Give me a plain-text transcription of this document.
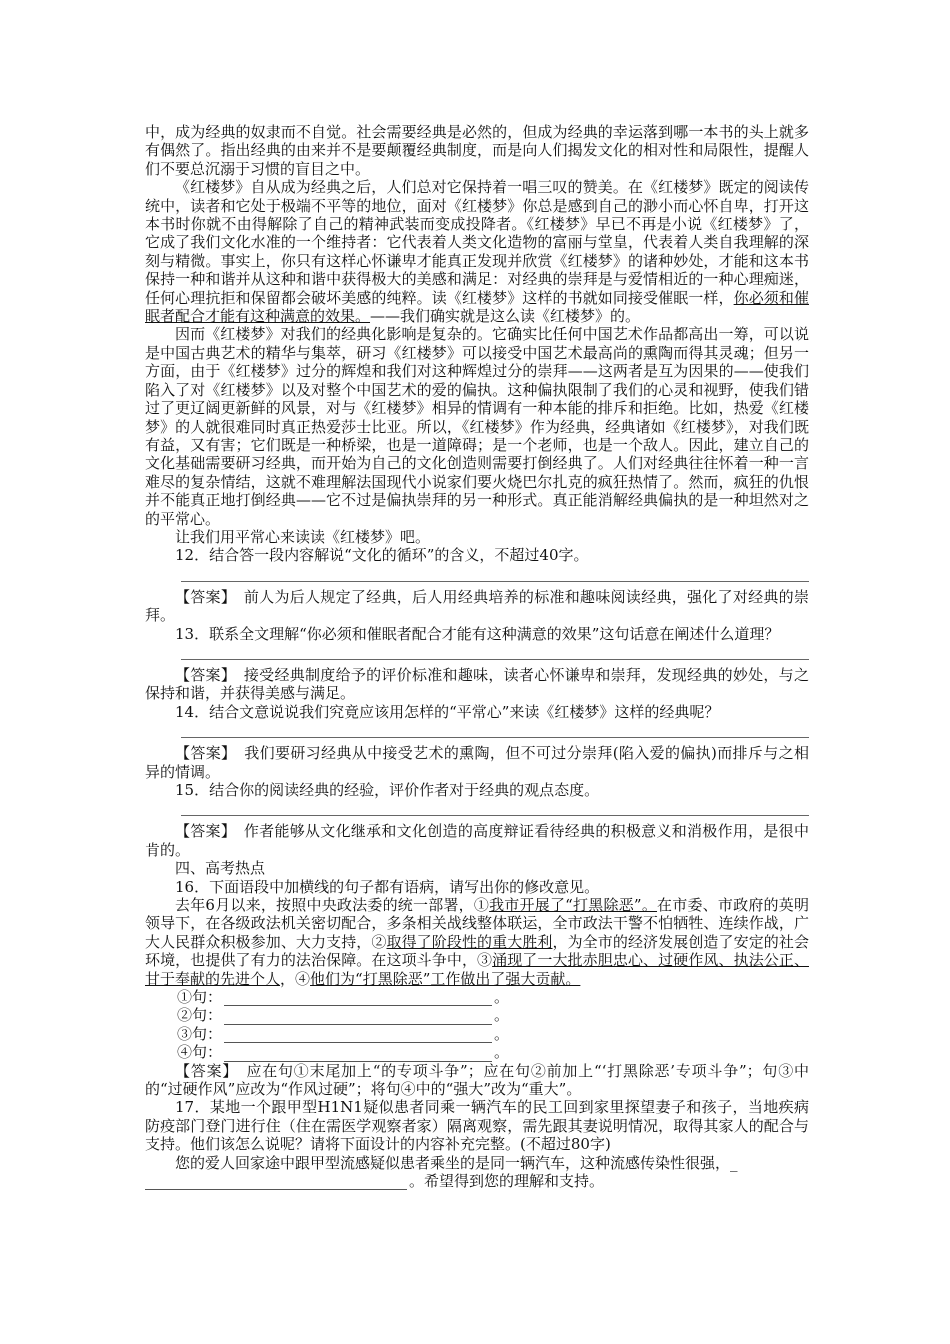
中，成为经典的奴隶而不自觉。社会需要经典是必然的，但成为经典的幸运落到哪一本书的头上就多有偶然了。指出经典的由来并不是要颠覆经典制度，而是向人们揭发文化的相对性和局限性，提醒人们不要总沉溺于习惯的盲目之中。

《红楼梦》自从成为经典之后，人们总对它保持着一唱三叹的赞美。在《红楼梦》既定的阅读传统中，读者和它处于极端不平等的地位，面对《红楼梦》你总是感到自己的渺小而心怀自卑，打开这本书时你就不由得解除了自己的精神武装而变成投降者。《红楼梦》早已不再是小说《红楼梦》了，它成了我们文化水准的一个维持者：它代表着人类文化造物的富丽与堂皇，代表着人类自我理解的深刻与精微。事实上，你只有这样心怀谦卑才能真正发现并欣赏《红楼梦》的诸种妙处，才能和这本书保持一种和谐并从这种和谐中获得极大的美感和满足：对经典的崇拜是与爱情相近的一种心理痴迷，任何心理抗拒和保留都会破坏美感的纯粹。读《红楼梦》这样的书就如同接受催眠一样，你必须和催眠者配合才能有这种满意的效果。——我们确实就是这么读《红楼梦》的。

因而《红楼梦》对我们的经典化影响是复杂的。它确实比任何中国艺术作品都高出一筹，可以说是中国古典艺术的精华与集萃，研习《红楼梦》可以接受中国艺术最高尚的熏陶而得其灵魂；但另一方面，由于《红楼梦》过分的辉煌和我们对这种辉煌过分的崇拜——这两者是互为因果的——使我们陷入了对《红楼梦》以及对整个中国艺术的爱的偏执。这种偏执限制了我们的心灵和视野，使我们错过了更辽阔更新鲜的风景，对与《红楼梦》相异的情调有一种本能的排斥和拒绝。比如，热爱《红楼梦》的人就很难同时真正热爱莎士比亚。所以，《红楼梦》作为经典，经典诸如《红楼梦》，对我们既有益，又有害；它们既是一种桥梁，也是一道障碍；是一个老师，也是一个敌人。因此，建立自己的文化基础需要研习经典，而开始为自己的文化创造则需要打倒经典了。人们对经典往往怀着一种一言难尽的复杂情结，这就不难理解法国现代小说家们要火烧巴尔扎克的疯狂热情了。然而，疯狂的仇恨并不能真正地打倒经典——它不过是偏执崇拜的另一种形式。真正能消解经典偏执的是一种坦然对之的平常心。

让我们用平常心来读读《红楼梦》吧。

12．结合答一段内容解说“文化的循环”的含义，不超过40字。

【答案】　 前人为后人规定了经典，后人用经典培养的标准和趣味阅读经典，强化了对经典的崇拜。

13．联系全文理解“你必须和催眠者配合才能有这种满意的效果”这句话意在阐述什么道理？

【答案】　 接受经典制度给予的评价标准和趣味，读者心怀谦卑和崇拜，发现经典的妙处，与之保持和谐，并获得美感与满足。

14．结合文意说说我们究竟应该用怎样的“平常心”来读《红楼梦》这样的经典呢？

【答案】　 我们要研习经典从中接受艺术的熏陶，但不可过分崇拜(陷入爱的偏执)而排斥与之相异的情调。

15．结合你的阅读经典的经验，评价作者对于经典的观点态度。

【答案】　 作者能够从文化继承和文化创造的高度辩证看待经典的积极意义和消极作用，是很中肯的。

四、高考热点

16．下面语段中加横线的句子都有语病，请写出你的修改意见。

去年6月以来，按照中央政法委的统一部署，①我市开展了“打黑除恶”。在市委、市政府的英明领导下，在各级政法机关密切配合，多条相关战线整体联运，全市政法干警不怕牺牲、连续作战，广大人民群众积极参加、大力支持，②取得了阶段性的重大胜利，为全市的经济发展创造了安定的社会环境，也提供了有力的法治保障。在这项斗争中，③涌现了一大批赤胆忠心、过硬作风、执法公正、甘于奉献的先进个人，④他们为“打黑除恶”工作做出了强大贡献。

①句：	。
②句：	。
③句：	。
④句：	。

【答案】　 应在句①末尾加上“的专项斗争”；应在句②前加上“‘打黑除恶’专项斗争”；句③中的“过硬作风”应改为“作风过硬”；将句④中的“强大”改为“重大”。

17．某地一个跟甲型H1N1疑似患者同乘一辆汽车的民工回到家里探望妻子和孩子，当地疾病防疫部门登门进行住（住在需医学观察者家）隔离观察，需先跟其妻说明情况，取得其家人的配合与支持。他们该怎么说呢？请将下面设计的内容补充完整。(不超过80字)

您的爱人回家途中跟甲型流感疑似患者乘坐的是同一辆汽车，这种流感传染性很强，_

。希望得到您的理解和支持。
